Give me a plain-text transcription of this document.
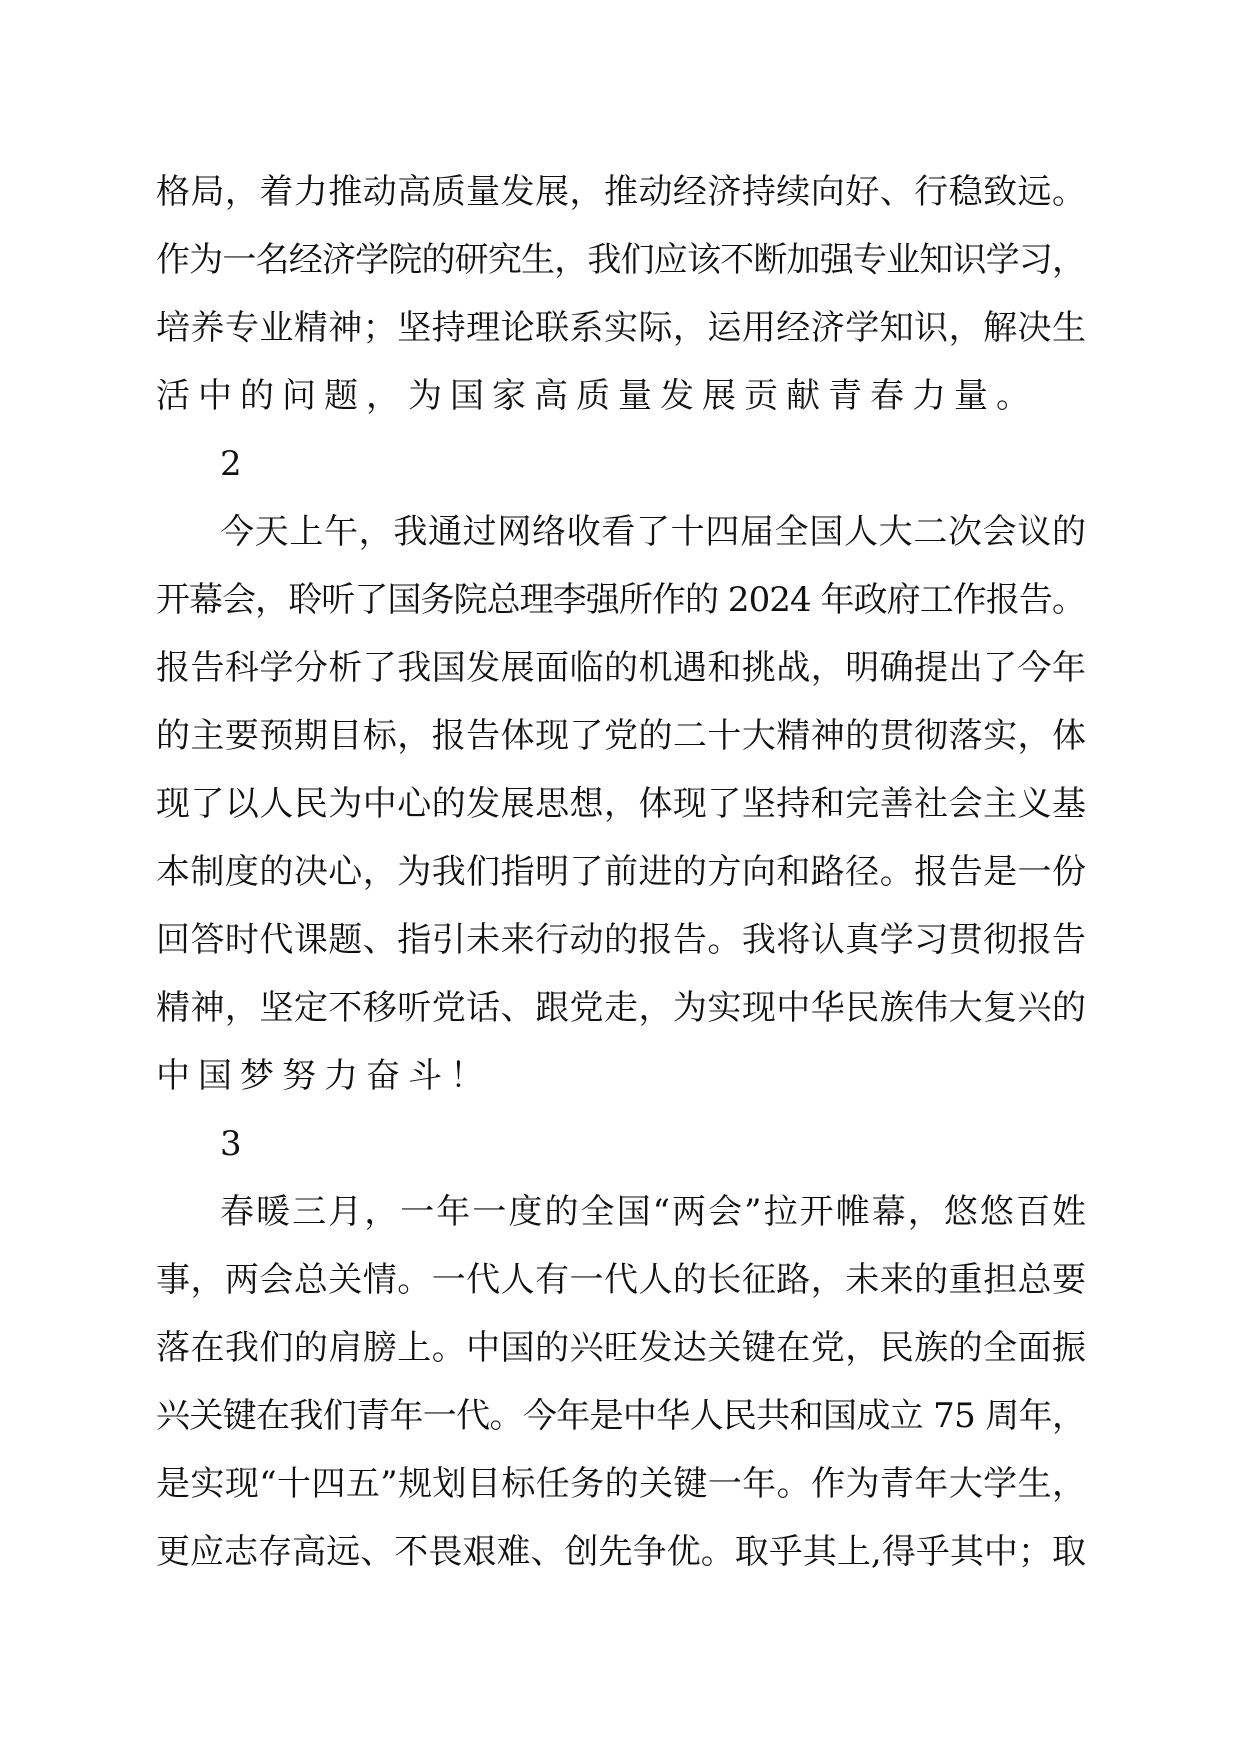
格局，着力推动高质量发展，推动经济持续向好、行稳致远。
作为一名经济学院的研究生，我们应该不断加强专业知识学习，
培养专业精神；坚持理论联系实际，运用经济学知识，解决生
活中的问题，为国家高质量发展贡献青春力量。
2
今天上午，我通过网络收看了十四届全国人大二次会议的
开幕会，聆听了国务院总理李强所作的 2024 年政府工作报告。
报告科学分析了我国发展面临的机遇和挑战，明确提出了今年
的主要预期目标，报告体现了党的二十大精神的贯彻落实，体
现了以人民为中心的发展思想，体现了坚持和完善社会主义基
本制度的决心，为我们指明了前进的方向和路径。报告是一份
回答时代课题、指引未来行动的报告。我将认真学习贯彻报告
精神，坚定不移听党话、跟党走，为实现中华民族伟大复兴的
中国梦努力奋斗！
3
春暖三月，一年一度的全国“两会”拉开帷幕，悠悠百姓
事，两会总关情。一代人有一代人的长征路，未来的重担总要
落在我们的肩膀上。中国的兴旺发达关键在党，民族的全面振
兴关键在我们青年一代。今年是中华人民共和国成立 75 周年，
是实现“十四五”规划目标任务的关键一年。作为青年大学生，
更应志存高远、不畏艰难、创先争优。取乎其上,得乎其中；取
